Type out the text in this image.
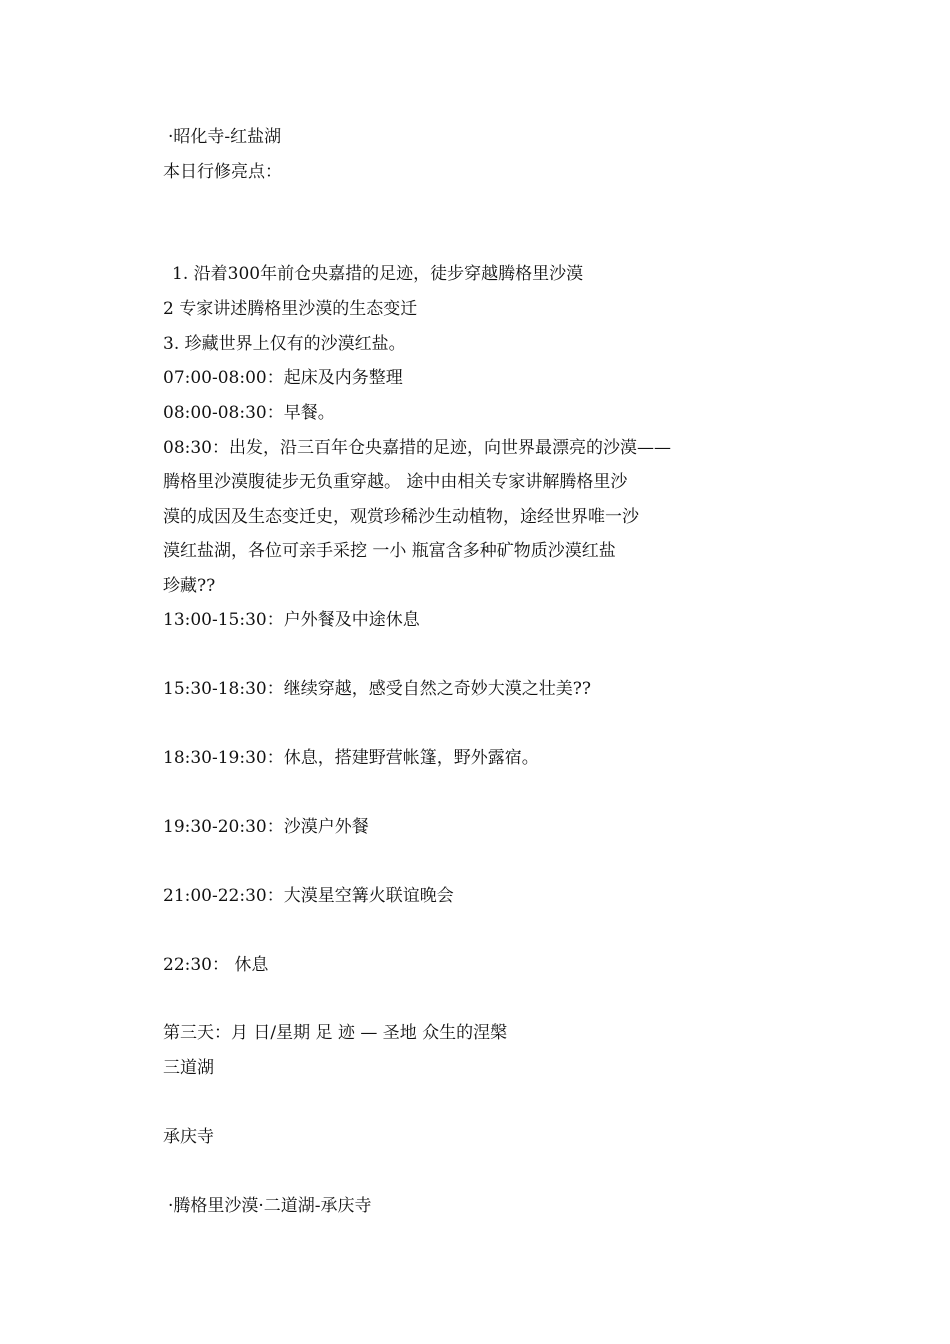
·昭化寺-红盐湖

本日行修亮点：

1. 沿着300年前仓央嘉措的足迹，徒步穿越腾格里沙漠

2 专家讲述腾格里沙漠的生态变迁

3. 珍藏世界上仅有的沙漠红盐。

07:00-08:00：起床及内务整理

08:00-08:30：早餐。

08:30：出发，沿三百年仓央嘉措的足迹，向世界最漂亮的沙漠——

腾格里沙漠腹徒步无负重穿越。 途中由相关专家讲解腾格里沙

漠的成因及生态变迁史，观赏珍稀沙生动植物，途经世界唯一沙

漠红盐湖，各位可亲手采挖 一小 瓶富含多种矿物质沙漠红盐

珍藏??

13:00-15:30：户外餐及中途休息

15:30-18:30：继续穿越，感受自然之奇妙大漠之壮美??

18:30-19:30：休息，搭建野营帐篷，野外露宿。

19:30-20:30：沙漠户外餐

21:00-22:30：大漠星空篝火联谊晚会

22:30： 休息

第三天：月 日/星期 足 迹 — 圣地 众生的涅槃

三道湖

承庆寺

·腾格里沙漠·二道湖-承庆寺
